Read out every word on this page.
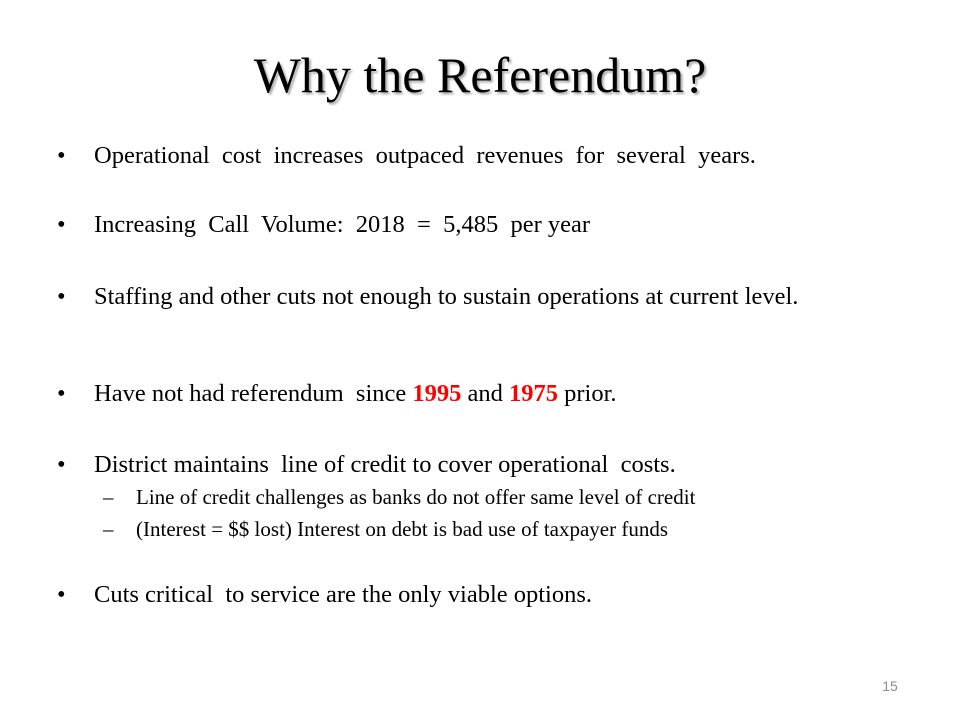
Why the Referendum?
•	Operational  cost  increases  outpaced  revenues  for  several  years.
•	Increasing  Call  Volume:  2018  =  5,485  per year
•	Staffing and other cuts not enough to sustain operations at current level.
•	Have not had referendum  since 1995 and 1975 prior.
•	District maintains  line of credit to cover operational  costs.
– Line of credit challenges as banks do not offer same level of credit
– (Interest = $$ lost) Interest on debt is bad use of taxpayer funds
•	Cuts critical  to service are the only viable options.
15
